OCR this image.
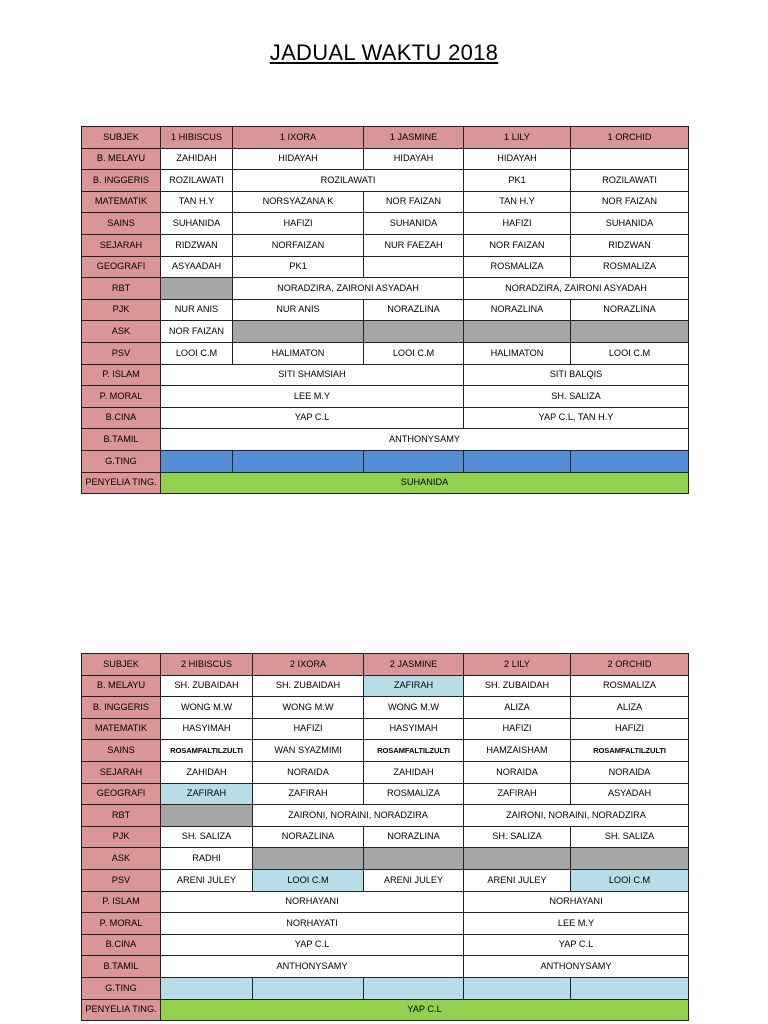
JADUAL WAKTU 2018
SUBJEK	1 HIBISCUS	1 IXORA	1 JASMINE	1 LILY	1 ORCHID
B. MELAYU	ZAHIDAH	HIDAYAH	HIDAYAH	HIDAYAH	
B. INGGERIS	ROZILAWATI	ROZILAWATI		PK1	ROZILAWATI
MATEMATIK	TAN H.Y	NORSYAZANA K	NOR FAIZAN	TAN H.Y	NOR FAIZAN
SAINS	SUHANIDA	HAFIZI	SUHANIDA	HAFIZI	SUHANIDA
SEJARAH	RIDZWAN	NORFAIZAN	NUR FAEZAH	NOR FAIZAN	RIDZWAN
GEOGRAFI	ASYAADAH	PK1		ROSMALIZA	ROSMALIZA
RBT		NORADZIRA, ZAIRONI ASYADAH		NORADZIRA, ZAIRONI ASYADAH	
PJK	NUR ANIS	NUR ANIS	NORAZLINA	NORAZLINA	NORAZLINA
ASK	NOR FAIZAN				
PSV	LOOI C.M	HALIMATON	LOOI C.M	HALIMATON	LOOI C.M
P. ISLAM	SITI SHAMSIAH			SITI BALQIS	
P. MORAL	LEE M.Y			SH. SALIZA	
B.CINA	YAP C.L			YAP C.L, TAN H.Y	
B.TAMIL	ANTHONYSAMY				
G.TING					
PENYELIA TING.	SUHANIDA				
SUBJEK	2 HIBISCUS	2 IXORA	2 JASMINE	2 LILY	2 ORCHID
B. MELAYU	SH. ZUBAIDAH	SH. ZUBAIDAH	ZAFIRAH	SH. ZUBAIDAH	ROSMALIZA
B. INGGERIS	WONG M.W	WONG M.W	WONG M.W	ALIZA	ALIZA
MATEMATIK	HASYIMAH	HAFIZI	HASYIMAH	HAFIZI	HAFIZI
SAINS	ROSAMFALTILZULTI	WAN SYAZMIMI	ROSAMFALTILZULTI	HAMZAISHAM	ROSAMFALTILZULTI
SEJARAH	ZAHIDAH	NORAIDA	ZAHIDAH	NORAIDA	NORAIDA
GEOGRAFI	ZAFIRAH	ZAFIRAH	ROSMALIZA	ZAFIRAH	ASYADAH
RBT		ZAIRONI, NORAINI, NORADZIRA		ZAIRONI, NORAINI, NORADZIRA	
PJK	SH. SALIZA	NORAZLINA	NORAZLINA	SH. SALIZA	SH. SALIZA
ASK	RADHI				
PSV	ARENI JULEY	LOOI C.M	ARENI JULEY	ARENI JULEY	LOOI C.M
P. ISLAM	NORHAYANI			NORHAYANI	
P. MORAL	NORHAYATI			LEE M.Y	
B.CINA	YAP C.L			YAP C.L	
B.TAMIL	ANTHONYSAMY			ANTHONYSAMY	
G.TING					
PENYELIA TING.	YAP C.L				
